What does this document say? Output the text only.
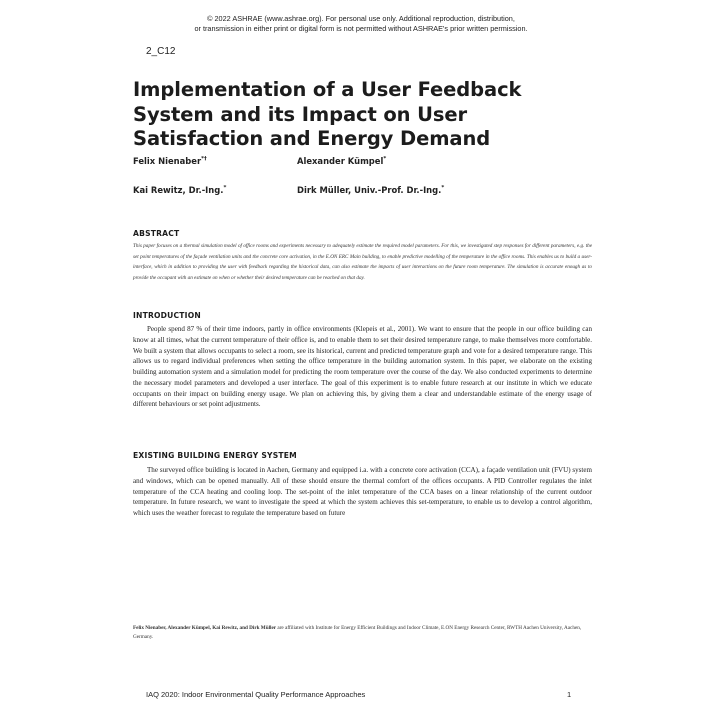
© 2022 ASHRAE (www.ashrae.org). For personal use only. Additional reproduction, distribution,
or transmission in either print or digital form is not permitted without ASHRAE's prior written permission.
2_C12
Implementation of a User Feedback System and its Impact on User Satisfaction and Energy Demand
Felix Nienaber*†	Alexander Kümpel*
Kai Rewitz, Dr.-Ing.*	Dirk Müller, Univ.-Prof. Dr.-Ing.*
ABSTRACT
This paper focuses on a thermal simulation model of office rooms and experiments necessary to adequately estimate the required model parameters. For this, we investigated step responses for different parameters, e.g. the set point temperatures of the façade ventilation units and the concrete core activation, in the E.ON ERC Main building, to enable predictive modelling of the temperature in the office rooms. This enables us to build a user-interface, which in addition to providing the user with feedback regarding the historical data, can also estimate the impacts of user interactions on the future room temperature. The simulation is accurate enough as to provide the occupant with an estimate on when or whether their desired temperature can be reached on that day.
INTRODUCTION
People spend 87 % of their time indoors, partly in office environments (Klepeis et al., 2001). We want to ensure that the people in our office building can know at all times, what the current temperature of their office is, and to enable them to set their desired temperature range, to make themselves more comfortable. We built a system that allows occupants to select a room, see its historical, current and predicted temperature graph and vote for a desired temperature range. This allows us to regard individual preferences when setting the office temperature in the building automation system. In this paper, we elaborate on the existing building automation system and a simulation model for predicting the room temperature over the course of the day. We also conducted experiments to determine the necessary model parameters and developed a user interface. The goal of this experiment is to enable future research at our institute in which we educate occupants on their impact on building energy usage. We plan on achieving this, by giving them a clear and understandable estimate of the energy usage of different behaviours or set point adjustments.
EXISTING BUILDING ENERGY SYSTEM
The surveyed office building is located in Aachen, Germany and equipped i.a. with a concrete core activation (CCA), a façade ventilation unit (FVU) system and windows, which can be opened manually. All of these should ensure the thermal comfort of the offices occupants. A PID Controller regulates the inlet temperature of the CCA heating and cooling loop. The set-point of the inlet temperature of the CCA bases on a linear relationship of the current outdoor temperature. In future research, we want to investigate the speed at which the system achieves this set-temperature, to enable us to develop a control algorithm, which uses the weather forecast to regulate the temperature based on future
Felix Nienaber, Alexander Kümpel, Kai Rewitz, and Dirk Müller are affiliated with Institute for Energy Efficient Buildings and Indoor Climate, E.ON Energy Research Center, RWTH Aachen University, Aachen, Germany.
IAQ 2020: Indoor Environmental Quality Performance Approaches	1
